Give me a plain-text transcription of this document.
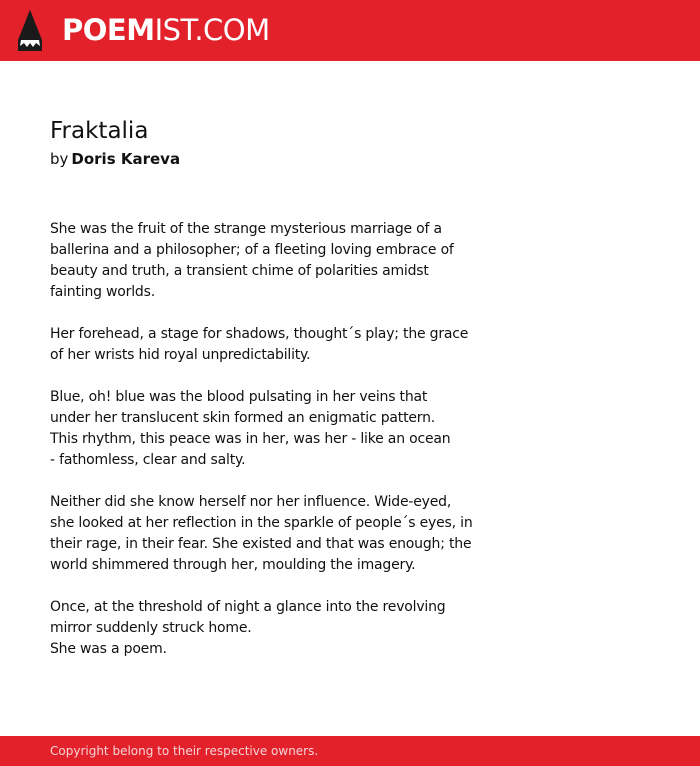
POEMIST.COM
Fraktalia
by Doris Kareva

She was the fruit of the strange mysterious marriage of a
ballerina and a philosopher; of a fleeting loving embrace of
beauty and truth, a transient chime of polarities amidst
fainting worlds.

Her forehead, a stage for shadows, thought´s play; the grace
of her wrists hid royal unpredictability.

Blue, oh! blue was the blood pulsating in her veins that
under her translucent skin formed an enigmatic pattern.
This rhythm, this peace was in her, was her - like an ocean
- fathomless, clear and salty.

Neither did she know herself nor her influence. Wide-eyed,
she looked at her reflection in the sparkle of people´s eyes, in
their rage, in their fear. She existed and that was enough; the
world shimmered through her, moulding the imagery.

Once, at the threshold of night a glance into the revolving
mirror suddenly struck home.
She was a poem.

Copyright belong to their respective owners.
